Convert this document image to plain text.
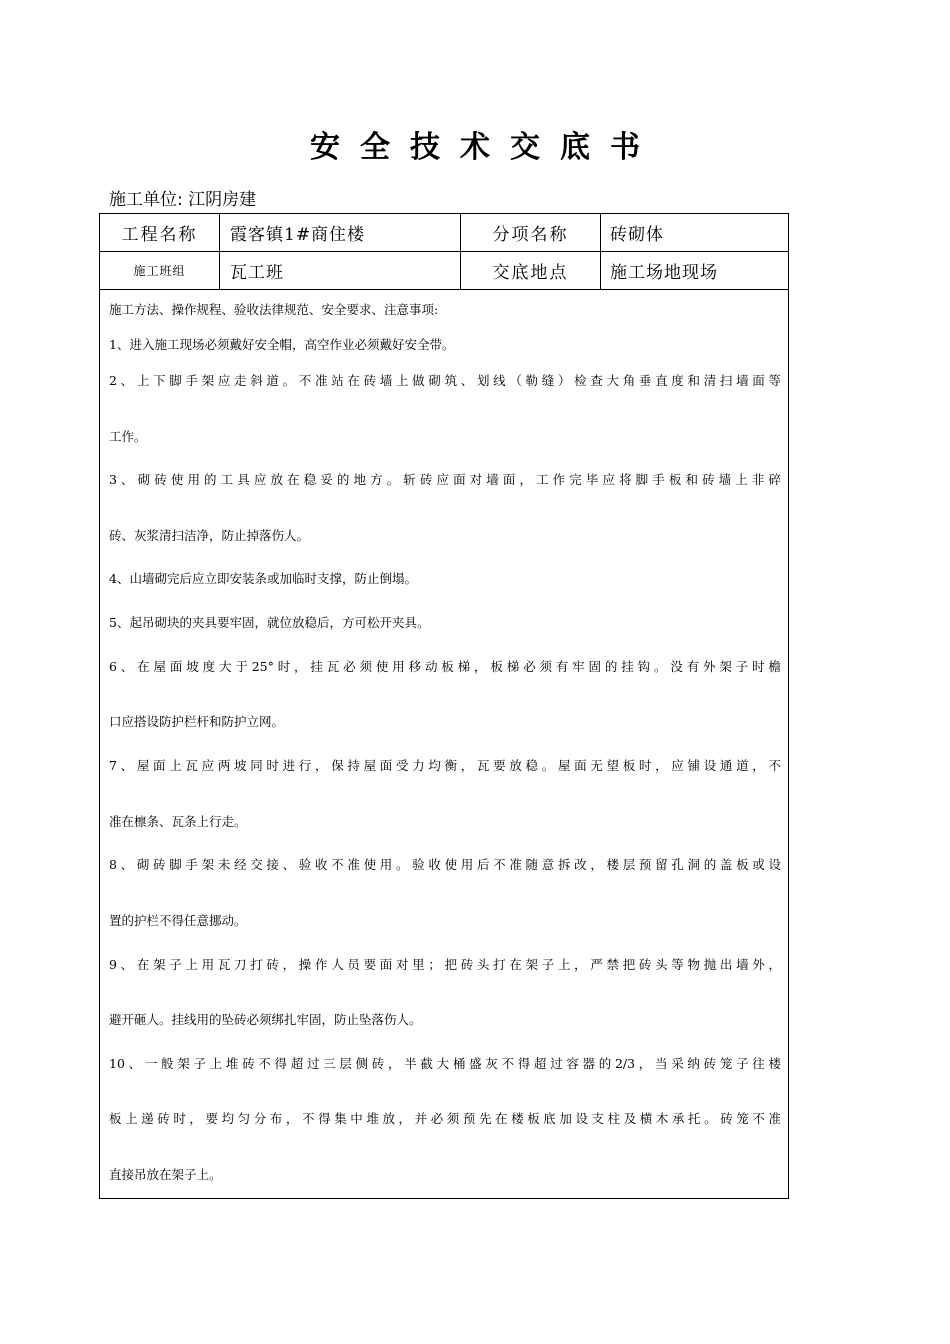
安全技术交底书
施工单位: 江阴房建
工程名称	霞客镇1#商住楼	分项名称	砖砌体
施工班组	瓦工班	交底地点	施工场地现场
施工方法、操作规程、验收法律规范、安全要求、注意事项:
1、进入施工现场必须戴好安全帽，高空作业必须戴好安全带。
2、上下脚手架应走斜道。不准站在砖墙上做砌筑、划线（勒缝）检查大角垂直度和清扫墙面等
工作。
3、砌砖使用的工具应放在稳妥的地方。斩砖应面对墙面，工作完毕应将脚手板和砖墙上非碎
砖、灰浆清扫洁净，防止掉落伤人。
4、山墙砌完后应立即安装条或加临时支撑，防止倒塌。
5、起吊砌块的夹具要牢固，就位放稳后，方可松开夹具。
6、在屋面坡度大于25°时，挂瓦必须使用移动板梯，板梯必须有牢固的挂钩。没有外架子时檐
口应搭设防护栏杆和防护立网。
7、屋面上瓦应两坡同时进行，保持屋面受力均衡，瓦要放稳。屋面无望板时，应铺设通道，不
准在檩条、瓦条上行走。
8、砌砖脚手架未经交接、验收不准使用。验收使用后不准随意拆改，楼层预留孔洞的盖板或设
置的护栏不得任意挪动。
9、在架子上用瓦刀打砖，操作人员要面对里；把砖头打在架子上，严禁把砖头等物抛出墙外，
避开砸人。挂线用的坠砖必须绑扎牢固，防止坠落伤人。
10、一般架子上堆砖不得超过三层侧砖，半截大桶盛灰不得超过容器的2/3，当采纳砖笼子往楼
板上递砖时，要均匀分布，不得集中堆放，并必须预先在楼板底加设支柱及横木承托。砖笼不准
直接吊放在架子上。
